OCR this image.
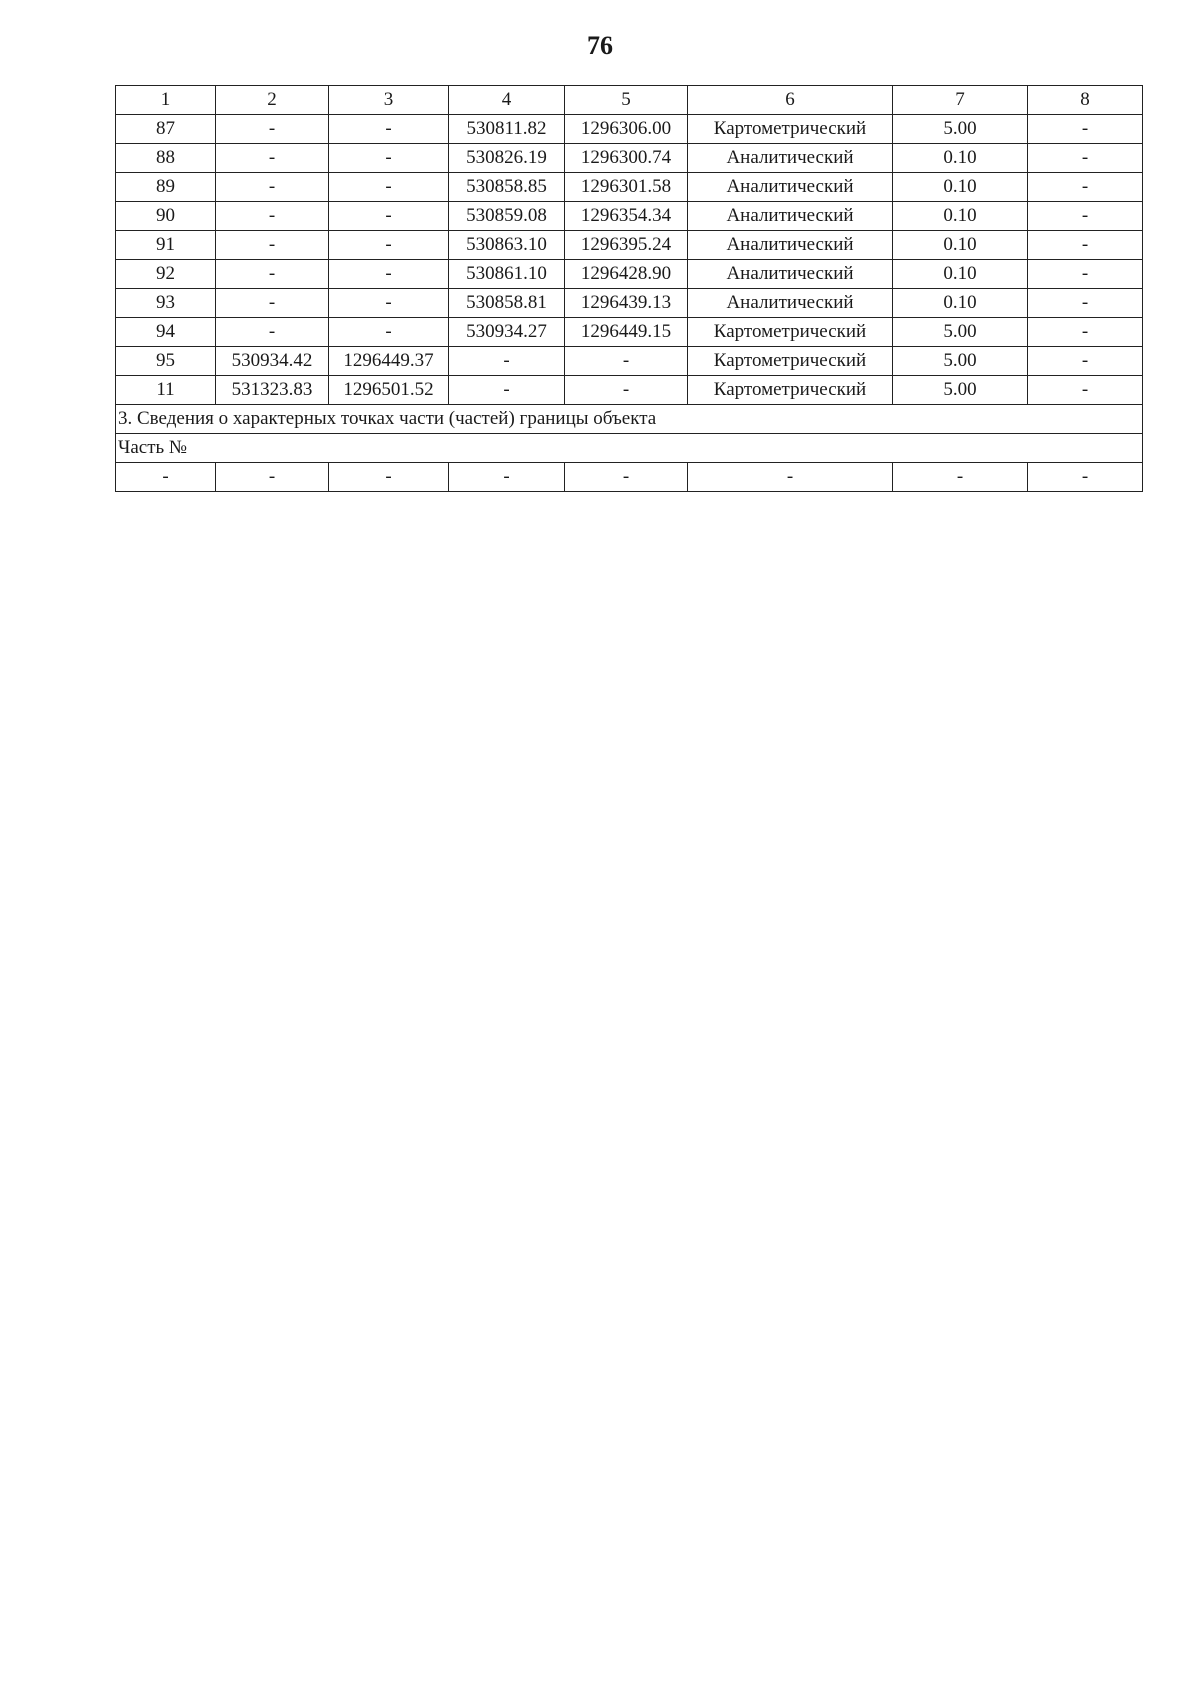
76
1	2	3	4	5	6	7	8
87	-	-	530811.82	1296306.00	Картометрический	5.00	-
88	-	-	530826.19	1296300.74	Аналитический	0.10	-
89	-	-	530858.85	1296301.58	Аналитический	0.10	-
90	-	-	530859.08	1296354.34	Аналитический	0.10	-
91	-	-	530863.10	1296395.24	Аналитический	0.10	-
92	-	-	530861.10	1296428.90	Аналитический	0.10	-
93	-	-	530858.81	1296439.13	Аналитический	0.10	-
94	-	-	530934.27	1296449.15	Картометрический	5.00	-
95	530934.42	1296449.37	-	-	Картометрический	5.00	-
11	531323.83	1296501.52	-	-	Картометрический	5.00	-
3. Сведения о характерных точках части (частей) границы объекта							
Часть №							
-	-	-	-	-	-	-	-
